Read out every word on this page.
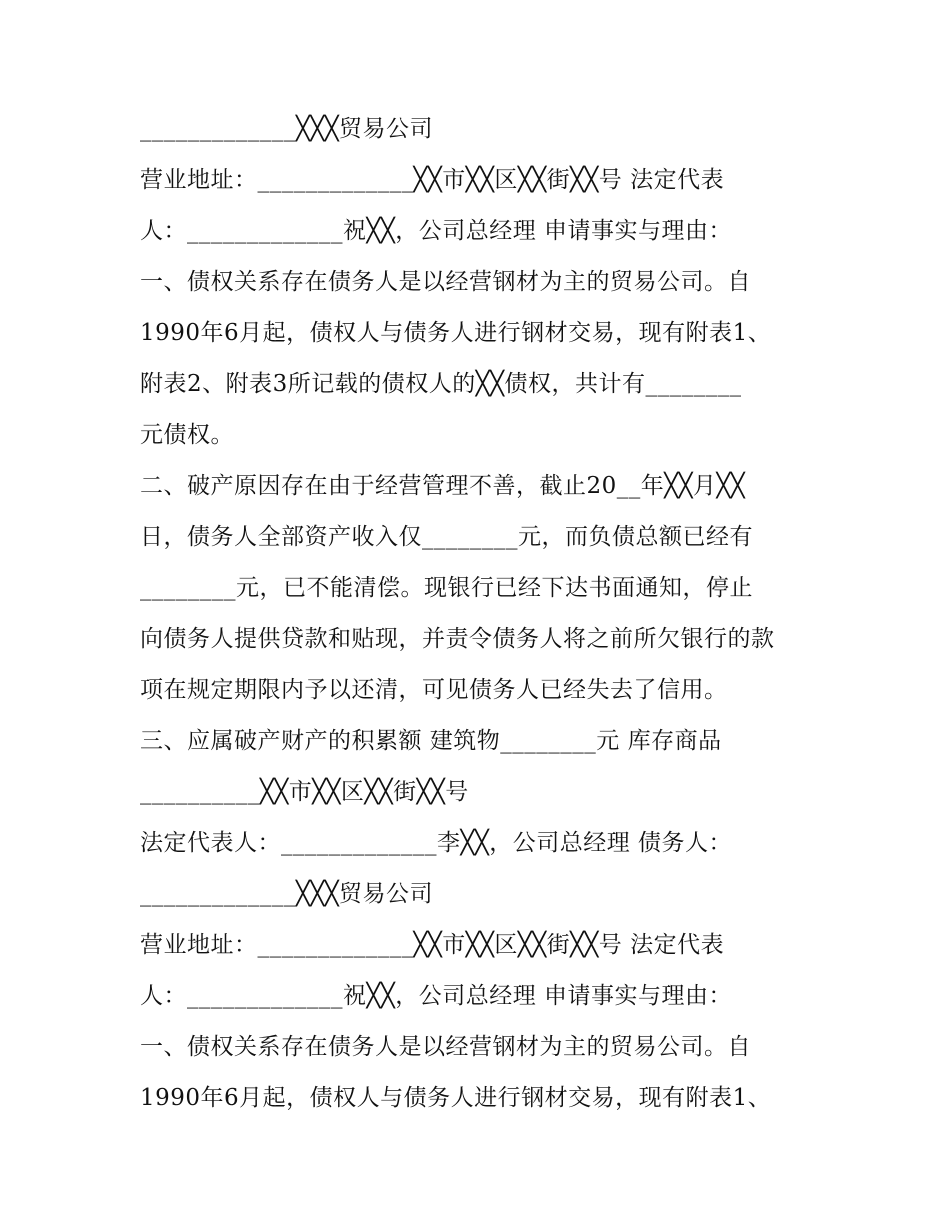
_____________╳╳╳贸易公司
营业地址：_____________╳╳市╳╳区╳╳街╳╳号 法定代表
人：_____________祝╳╳，公司总经理 申请事实与理由：
一、债权关系存在债务人是以经营钢材为主的贸易公司。自
1990年6月起，债权人与债务人进行钢材交易，现有附表1、
附表2、附表3所记载的债权人的╳╳债权，共计有________
元债权。
二、破产原因存在由于经营管理不善，截止20__年╳╳月╳╳
日，债务人全部资产收入仅________元，而负债总额已经有
________元，已不能清偿。现银行已经下达书面通知，停止
向债务人提供贷款和贴现，并责令债务人将之前所欠银行的款
项在规定期限内予以还清，可见债务人已经失去了信用。
三、应属破产财产的积累额 建筑物________元 库存商品
__________╳╳市╳╳区╳╳街╳╳号
法定代表人：_____________李╳╳，公司总经理 债务人：
_____________╳╳╳贸易公司
营业地址：_____________╳╳市╳╳区╳╳街╳╳号 法定代表
人：_____________祝╳╳，公司总经理 申请事实与理由：
一、债权关系存在债务人是以经营钢材为主的贸易公司。自
1990年6月起，债权人与债务人进行钢材交易，现有附表1、
